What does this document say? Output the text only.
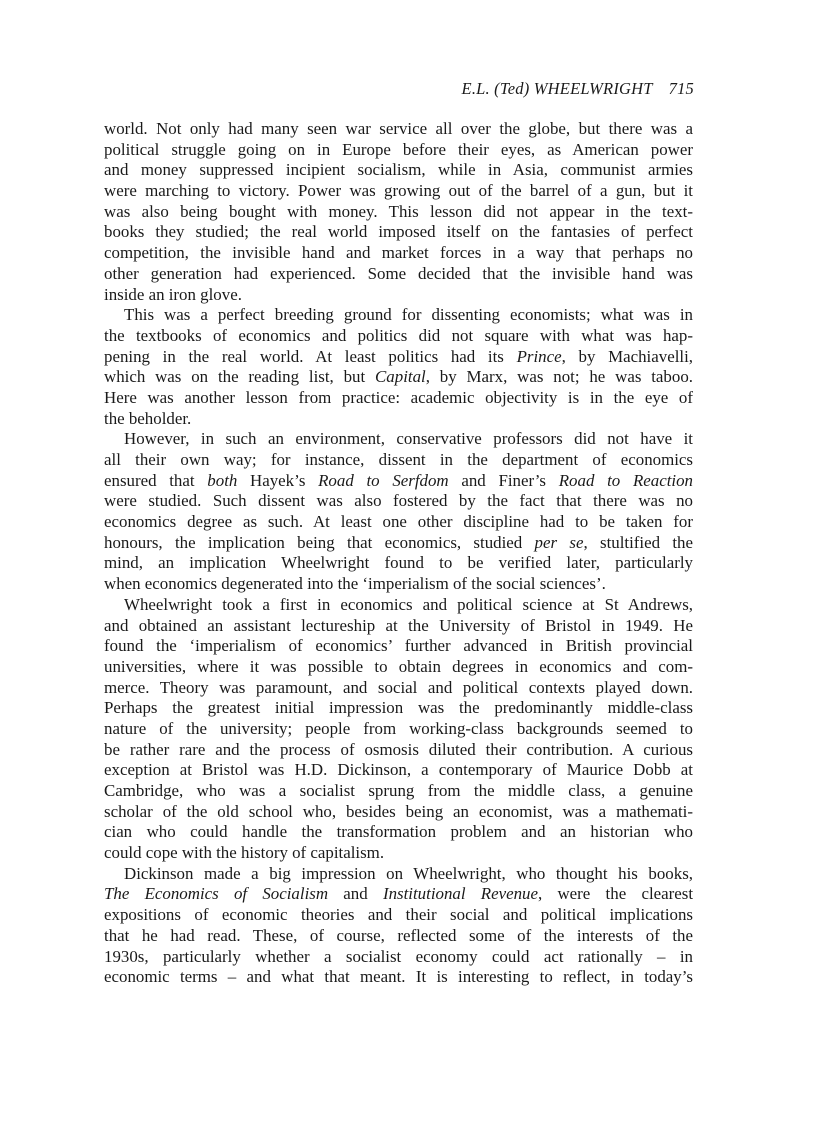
E.L. (Ted) WHEELWRIGHT 715
world. Not only had many seen war service all over the globe, but there was a
political struggle going on in Europe before their eyes, as American power
and money suppressed incipient socialism, while in Asia, communist armies
were marching to victory. Power was growing out of the barrel of a gun, but it
was also being bought with money. This lesson did not appear in the text-
books they studied; the real world imposed itself on the fantasies of perfect
competition, the invisible hand and market forces in a way that perhaps no
other generation had experienced. Some decided that the invisible hand was
inside an iron glove.
This was a perfect breeding ground for dissenting economists; what was in
the textbooks of economics and politics did not square with what was hap-
pening in the real world. At least politics had its Prince, by Machiavelli,
which was on the reading list, but Capital, by Marx, was not; he was taboo.
Here was another lesson from practice: academic objectivity is in the eye of
the beholder.
However, in such an environment, conservative professors did not have it
all their own way; for instance, dissent in the department of economics
ensured that both Hayek’s Road to Serfdom and Finer’s Road to Reaction
were studied. Such dissent was also fostered by the fact that there was no
economics degree as such. At least one other discipline had to be taken for
honours, the implication being that economics, studied per se, stultified the
mind, an implication Wheelwright found to be verified later, particularly
when economics degenerated into the ‘imperialism of the social sciences’.
Wheelwright took a first in economics and political science at St Andrews,
and obtained an assistant lectureship at the University of Bristol in 1949. He
found the ‘imperialism of economics’ further advanced in British provincial
universities, where it was possible to obtain degrees in economics and com-
merce. Theory was paramount, and social and political contexts played down.
Perhaps the greatest initial impression was the predominantly middle-class
nature of the university; people from working-class backgrounds seemed to
be rather rare and the process of osmosis diluted their contribution. A curious
exception at Bristol was H.D. Dickinson, a contemporary of Maurice Dobb at
Cambridge, who was a socialist sprung from the middle class, a genuine
scholar of the old school who, besides being an economist, was a mathemati-
cian who could handle the transformation problem and an historian who
could cope with the history of capitalism.
Dickinson made a big impression on Wheelwright, who thought his books,
The Economics of Socialism and Institutional Revenue, were the clearest
expositions of economic theories and their social and political implications
that he had read. These, of course, reflected some of the interests of the
1930s, particularly whether a socialist economy could act rationally – in
economic terms – and what that meant. It is interesting to reflect, in today’s
